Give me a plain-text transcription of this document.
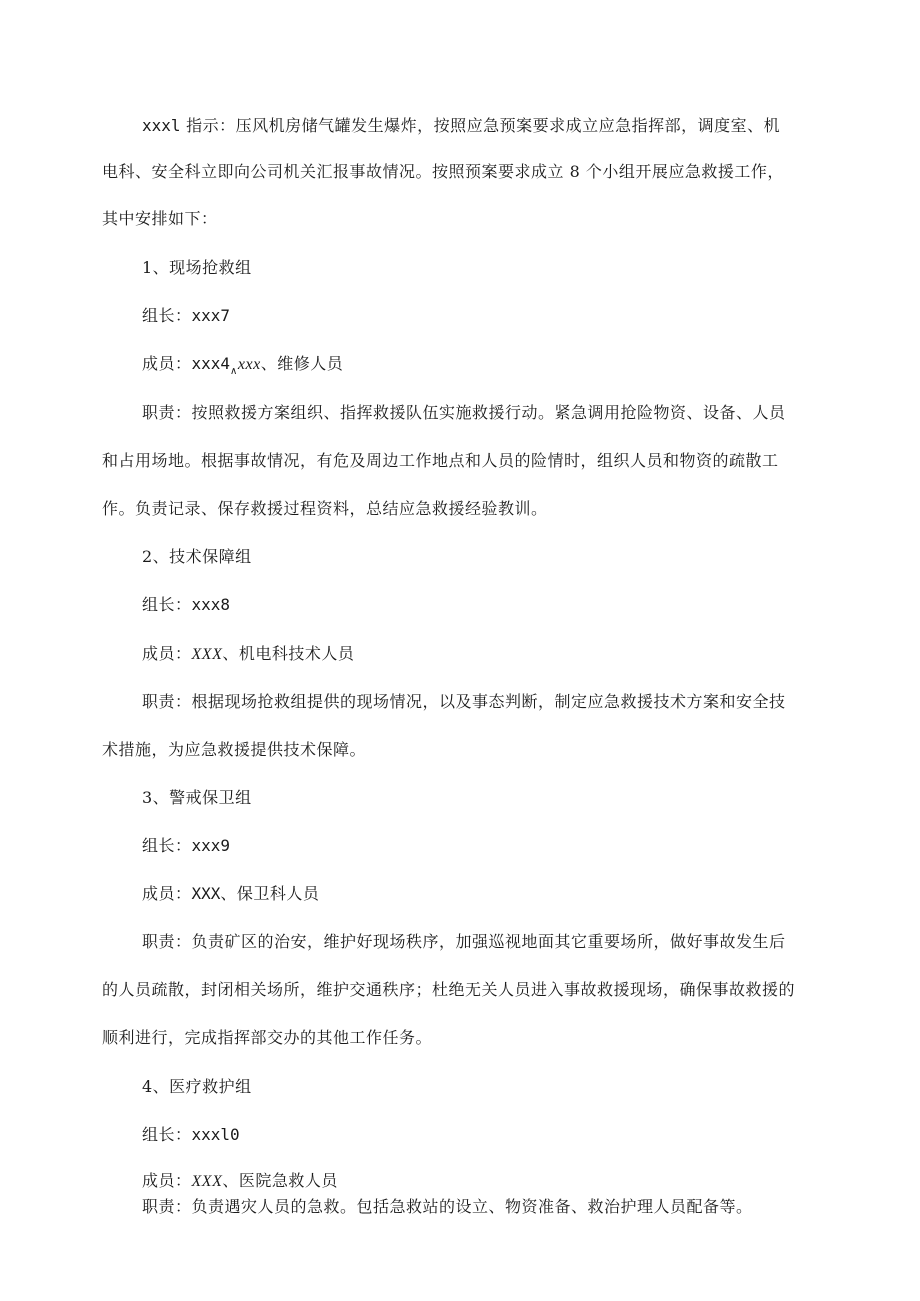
xxxl 指示：压风机房储气罐发生爆炸，按照应急预案要求成立应急指挥部，调度室、机
电科、安全科立即向公司机关汇报事故情况。按照预案要求成立 8 个小组开展应急救援工作，
其中安排如下：
1、现场抢救组
组长：xxx7
成员：$xxx4_\wedge xxx$、维修人员
职责：按照救援方案组织、指挥救援队伍实施救援行动。紧急调用抢险物资、设备、人员
和占用场地。根据事故情况，有危及周边工作地点和人员的险情时，组织人员和物资的疏散工
作。负责记录、保存救援过程资料，总结应急救援经验教训。
2、技术保障组
组长：xxx8
成员：XXX、机电科技术人员
职责：根据现场抢救组提供的现场情况，以及事态判断，制定应急救援技术方案和安全技
术措施，为应急救援提供技术保障。
3、警戒保卫组
组长：xxx9
成员：XXX、保卫科人员
职责：负责矿区的治安，维护好现场秩序，加强巡视地面其它重要场所，做好事故发生后
的人员疏散，封闭相关场所，维护交通秩序；杜绝无关人员进入事故救援现场，确保事故救援的
顺利进行，完成指挥部交办的其他工作任务。
4、医疗救护组
组长：xxxl0
成员：XXX、医院急救人员
职责：负责遇灾人员的急救。包括急救站的设立、物资准备、救治护理人员配备等。
